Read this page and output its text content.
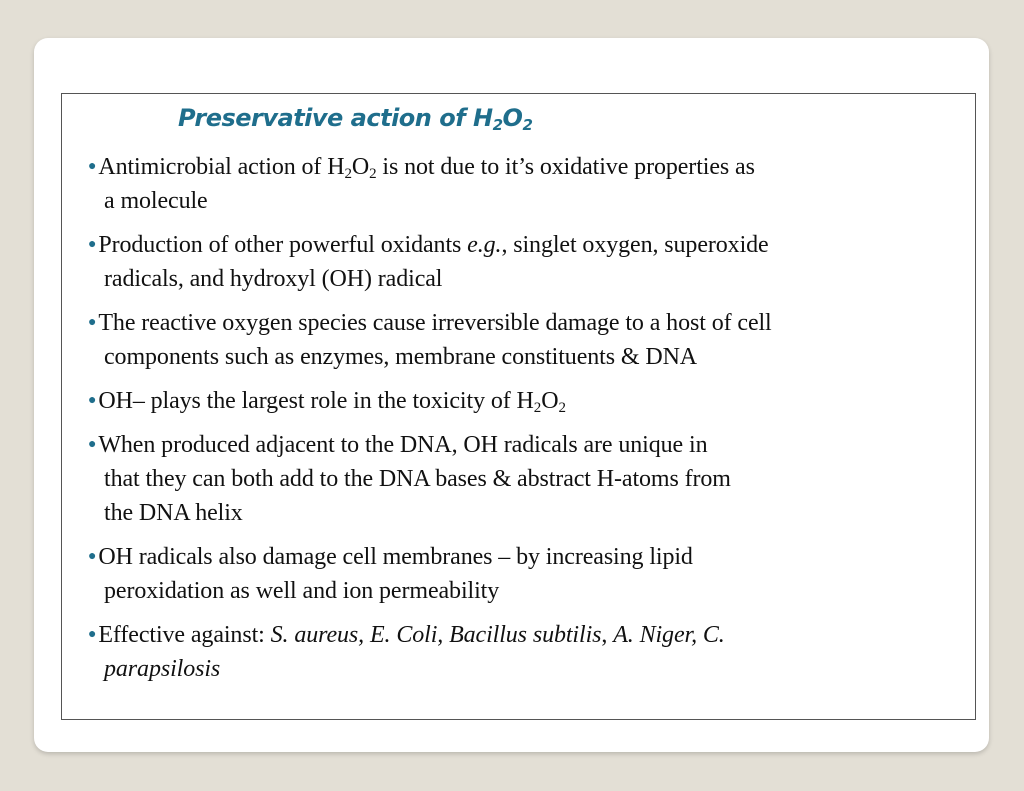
Preservative action of $H_2O_2$
●Antimicrobial action of $H_2O_2$ is not due to it’s oxidative properties as
a molecule
●Production of other powerful oxidants e.g., singlet oxygen, superoxide
radicals, and hydroxyl (OH) radical
●The reactive oxygen species cause irreversible damage to a host of cell
components such as enzymes, membrane constituents & DNA
●OH– plays the largest role in the toxicity of $H_2O_2$
●When produced adjacent to the DNA, OH radicals are unique in
that they can both add to the DNA bases & abstract H-atoms from
the DNA helix
●OH radicals also damage cell membranes – by increasing lipid
peroxidation as well and ion permeability
●Effective against: S. aureus, E. Coli, Bacillus subtilis, A. Niger, C.
parapsilosis
